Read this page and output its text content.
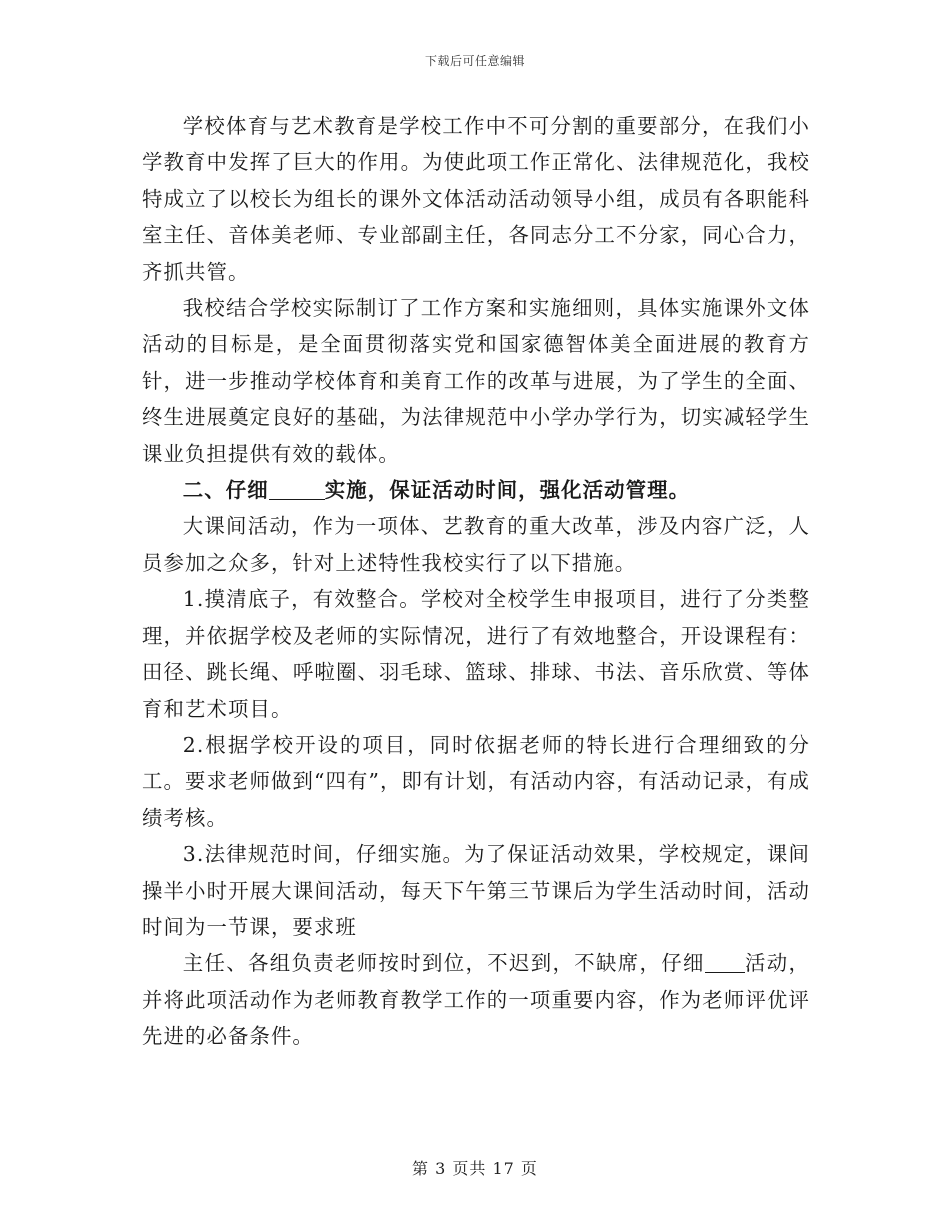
下载后可任意编辑

学校体育与艺术教育是学校工作中不可分割的重要部分，在我们小学教育中发挥了巨大的作用。为使此项工作正常化、法律规范化，我校特成立了以校长为组长的课外文体活动活动领导小组，成员有各职能科室主任、音体美老师、专业部副主任，各同志分工不分家，同心合力，齐抓共管。

我校结合学校实际制订了工作方案和实施细则，具体实施课外文体活动的目标是，是全面贯彻落实党和国家德智体美全面进展的教育方针，进一步推动学校体育和美育工作的改革与进展，为了学生的全面、终生进展奠定良好的基础，为法律规范中小学办学行为，切实减轻学生课业负担提供有效的载体。

二、仔细	实施，保证活动时间，强化活动管理。

大课间活动，作为一项体、艺教育的重大改革，涉及内容广泛，人员参加之众多，针对上述特性我校实行了以下措施。

1.摸清底子，有效整合。学校对全校学生申报项目，进行了分类整理，并依据学校及老师的实际情况，进行了有效地整合，开设课程有：田径、跳长绳、呼啦圈、羽毛球、篮球、排球、书法、音乐欣赏、等体育和艺术项目。

2.根据学校开设的项目，同时依据老师的特长进行合理细致的分工。要求老师做到“四有”，即有计划，有活动内容，有活动记录，有成绩考核。

3.法律规范时间，仔细实施。为了保证活动效果，学校规定，课间操半小时开展大课间活动，每天下午第三节课后为学生活动时间，活动时间为一节课，要求班

主任、各组负责老师按时到位，不迟到，不缺席，仔细 活动，并将此项活动作为老师教育教学工作的一项重要内容，作为老师评优评先进的必备条件。

第 3 页共 17 页
